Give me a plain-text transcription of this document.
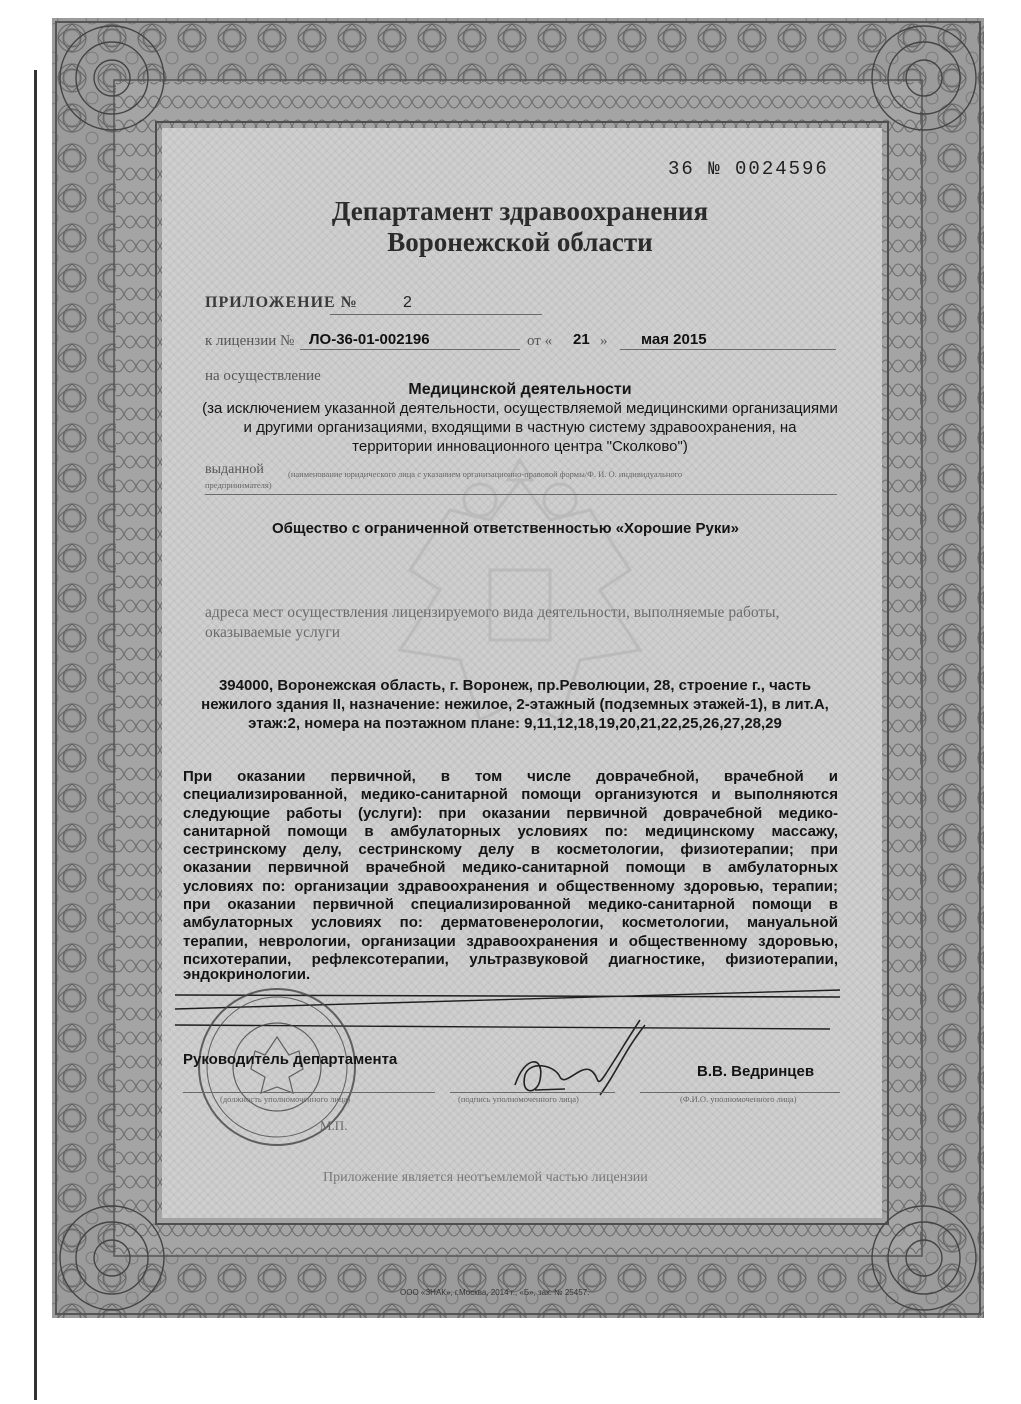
36 № 0024596
Департамент здравоохранения
Воронежской области
ПРИЛОЖЕНИЕ №	2
к лицензии № ЛО-36-01-002196	от « 21 » мая 2015
на осуществление
Медицинской деятельности
(за исключением указанной деятельности, осуществляемой медицинскими организациями
и другими организациями, входящими в частную систему здравоохранения, на
территории инновационного центра "Сколково")
выданной	(наименование юридического лица с указанием организационно-правовой формы/Ф. И. О. индивидуального
предпринимателя)
Общество с ограниченной ответственностью «Хорошие Руки»
адреса мест осуществления лицензируемого вида деятельности, выполняемые работы,
оказываемые услуги
394000, Воронежская область, г. Воронеж, пр.Революции, 28, строение г., часть
нежилого здания II, назначение: нежилое, 2-этажный (подземных этажей-1), в лит.А,
этаж:2, номера на поэтажном плане: 9,11,12,18,19,20,21,22,25,26,27,28,29
При оказании первичной, в том числе доврачебной, врачебной и
специализированной, медико-санитарной помощи организуются и выполняются
следующие работы (услуги): при оказании первичной доврачебной медико-
санитарной помощи в амбулаторных условиях по: медицинскому массажу,
сестринскому делу, сестринскому делу в косметологии, физиотерапии; при
оказании первичной врачебной медико-санитарной помощи в амбулаторных
условиях по: организации здравоохранения и общественному здоровью, терапии;
при оказании первичной специализированной медико-санитарной помощи в
амбулаторных условиях по: дерматовенерологии, косметологии, мануальной
терапии, неврологии, организации здравоохранения и общественному здоровью,
психотерапии, рефлексотерапии, ультразвуковой диагностике, физиотерапии,
эндокринологии.
Руководитель департамента
В.В. Ведринцев
(должность уполномоченного лица)	(подпись уполномоченного лица)	(Ф.И.О. уполномоченного лица)
М.П.
Приложение является неотъемлемой частью лицензии
ООО «ЗНАК», г.Москва, 2014 г., «Б», зак. № 25457.
